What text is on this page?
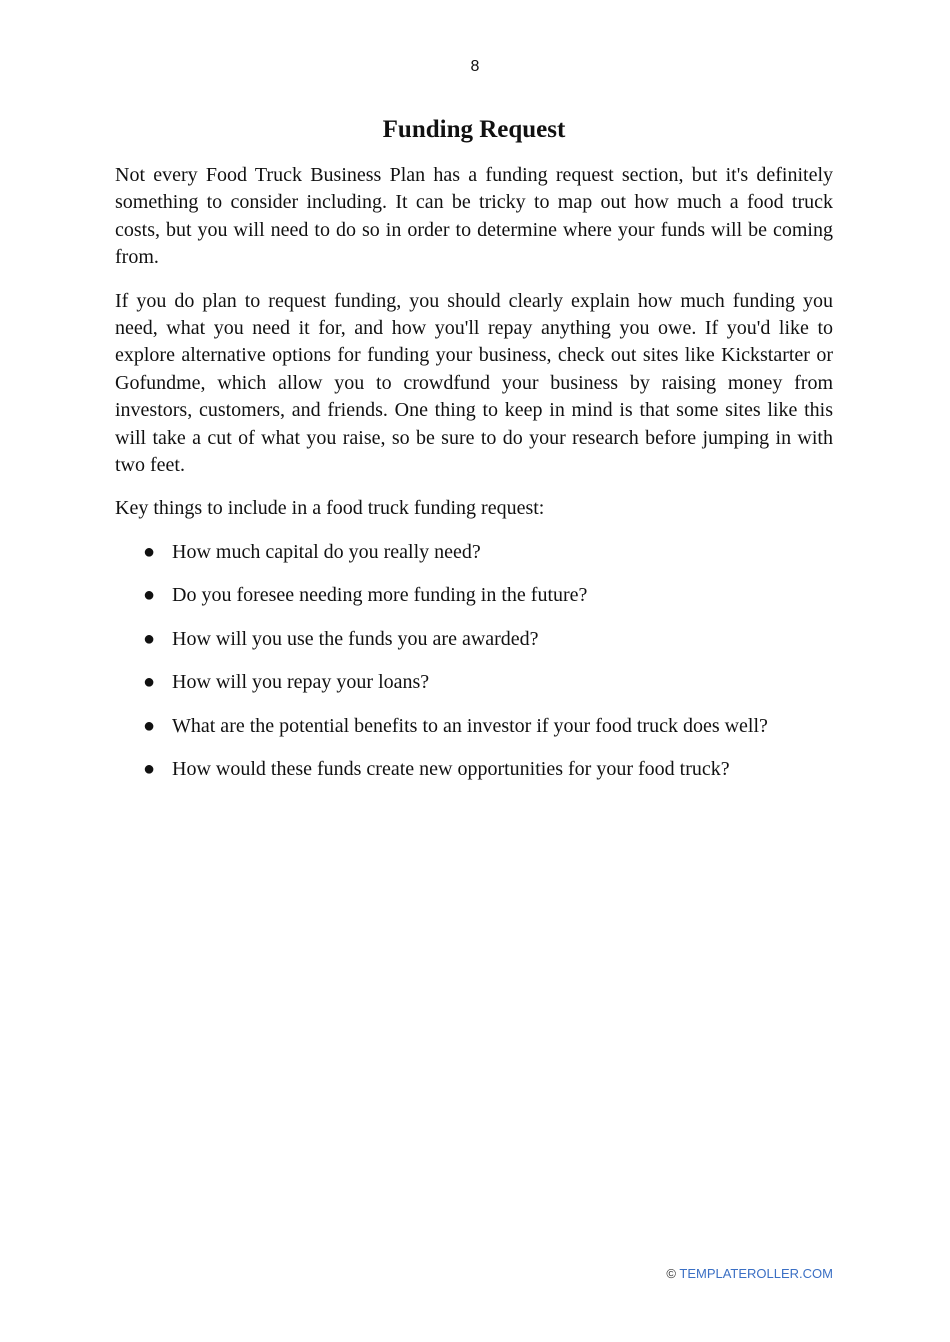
8
Funding Request

Not every Food Truck Business Plan has a funding request section, but it's definitely something to consider including. It can be tricky to map out how much a food truck costs, but you will need to do so in order to determine where your funds will be coming from.

If you do plan to request funding, you should clearly explain how much funding you need, what you need it for, and how you'll repay anything you owe. If you'd like to explore alternative options for funding your business, check out sites like Kickstarter or Gofundme, which allow you to crowdfund your business by raising money from investors, customers, and friends. One thing to keep in mind is that some sites like this will take a cut of what you raise, so be sure to do your research before jumping in with two feet.

Key things to include in a food truck funding request:

● How much capital do you really need?
● Do you foresee needing more funding in the future?
● How will you use the funds you are awarded?
● How will you repay your loans?
● What are the potential benefits to an investor if your food truck does well?
● How would these funds create new opportunities for your food truck?
© TEMPLATEROLLER.COM
